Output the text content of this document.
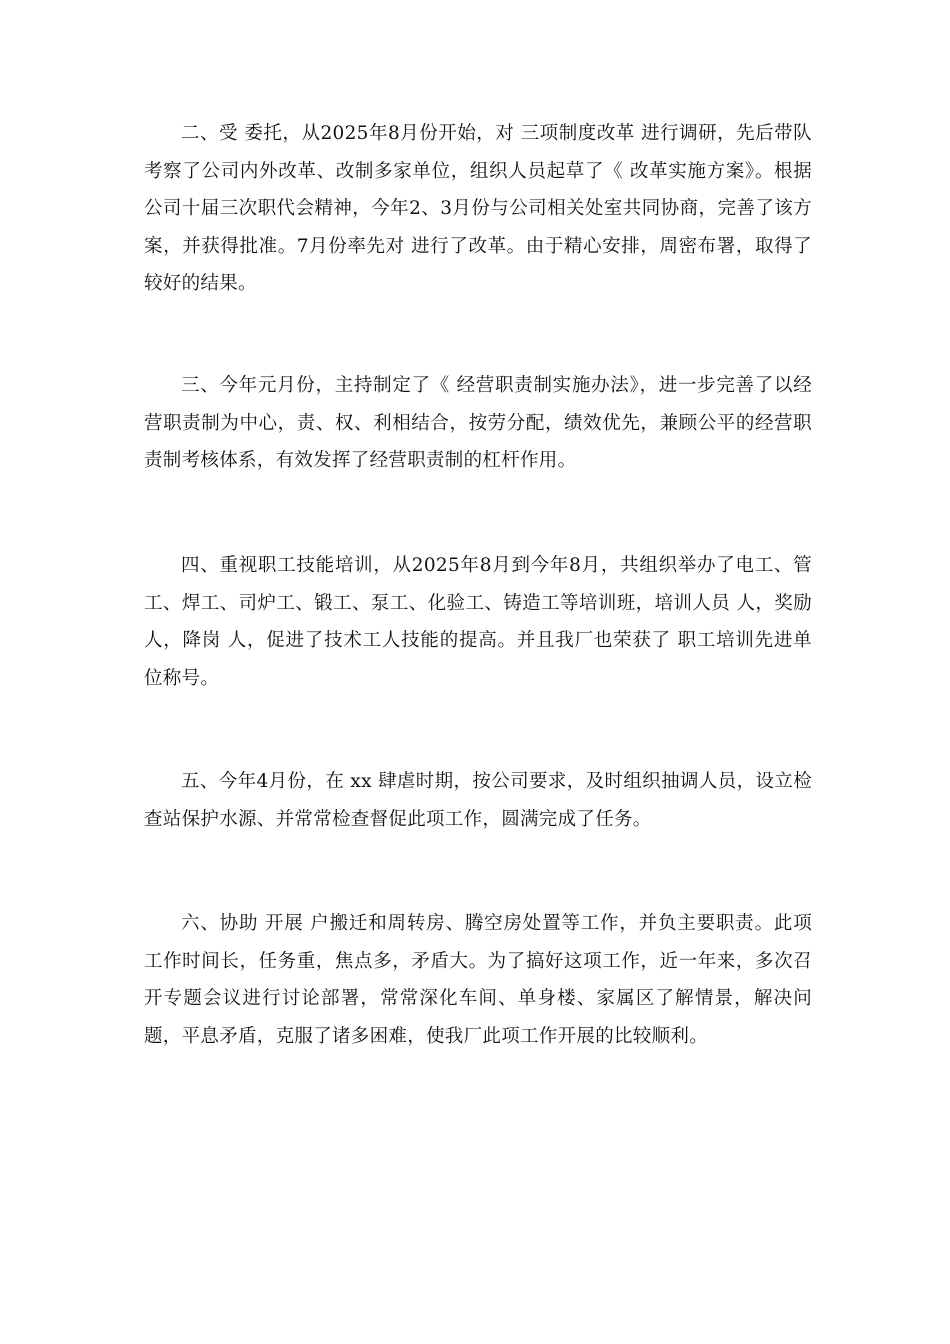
二、受 委托，从2025年8月份开始，对 三项制度改革 进行调研，先后带队考察了公司内外改革、改制多家单位，组织人员起草了《 改革实施方案》。根据公司十届三次职代会精神，今年2、3月份与公司相关处室共同协商，完善了该方案，并获得批准。7月份率先对 进行了改革。由于精心安排，周密布署，取得了较好的结果。

三、今年元月份，主持制定了《 经营职责制实施办法》，进一步完善了以经营职责制为中心，责、权、利相结合，按劳分配，绩效优先，兼顾公平的经营职责制考核体系，有效发挥了经营职责制的杠杆作用。

四、重视职工技能培训，从2025年8月到今年8月，共组织举办了电工、管工、焊工、司炉工、锻工、泵工、化验工、铸造工等培训班，培训人员 人，奖励 人，降岗 人，促进了技术工人技能的提高。并且我厂也荣获了 职工培训先进单位称号。

五、今年4月份，在 xx 肆虐时期，按公司要求，及时组织抽调人员，设立检查站保护水源、并常常检查督促此项工作，圆满完成了任务。

六、协助 开展 户搬迁和周转房、腾空房处置等工作，并负主要职责。此项工作时间长，任务重，焦点多，矛盾大。为了搞好这项工作，近一年来，多次召开专题会议进行讨论部署，常常深化车间、单身楼、家属区了解情景，解决问题，平息矛盾，克服了诸多困难，使我厂此项工作开展的比较顺利。
